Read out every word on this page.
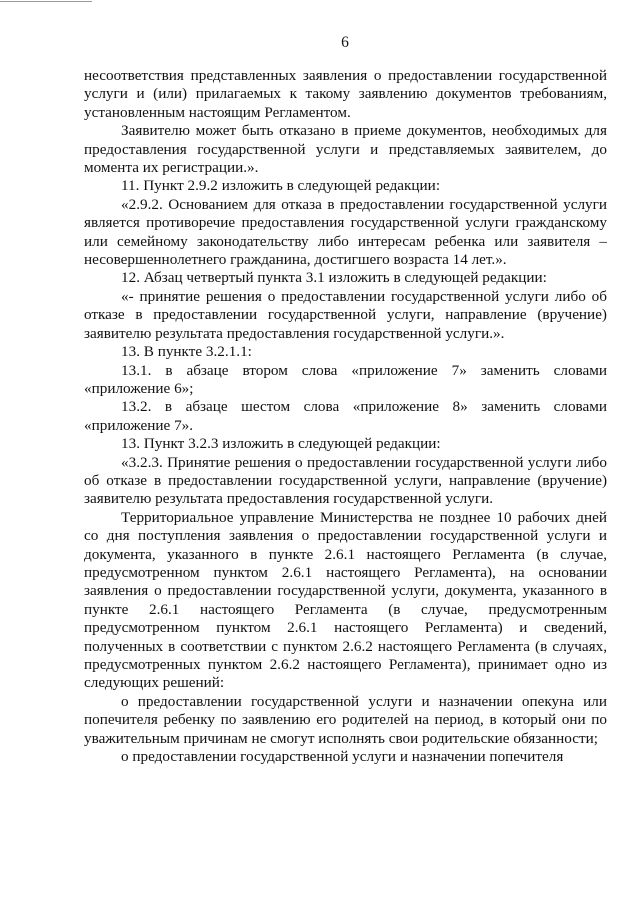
6

несоответствия представленных заявления о предоставлении государственной услуги и (или) прилагаемых к такому заявлению документов требованиям, установленным настоящим Регламентом.

Заявителю может быть отказано в приеме документов, необходимых для предоставления государственной услуги и представляемых заявителем, до момента их регистрации.».

11. Пункт 2.9.2 изложить в следующей редакции:

«2.9.2. Основанием для отказа в предоставлении государственной услуги является противоречие предоставления государственной услуги гражданскому или семейному законодательству либо интересам ребенка или заявителя – несовершеннолетнего гражданина, достигшего возраста 14 лет.».

12. Абзац четвертый пункта 3.1 изложить в следующей редакции:

«- принятие решения о предоставлении государственной услуги либо об отказе в предоставлении государственной услуги, направление (вручение) заявителю результата предоставления государственной услуги.».

13. В пункте 3.2.1.1:

13.1. в абзаце втором слова «приложение 7» заменить словами «приложение 6»;

13.2. в абзаце шестом слова «приложение 8» заменить словами «приложение 7».

13. Пункт 3.2.3 изложить в следующей редакции:

«3.2.3. Принятие решения о предоставлении государственной услуги либо об отказе в предоставлении государственной услуги, направление (вручение) заявителю результата предоставления государственной услуги.

Территориальное управление Министерства не позднее 10 рабочих дней со дня поступления заявления о предоставлении государственной услуги и документа, указанного в пункте 2.6.1 настоящего Регламента (в случае, предусмотренном пунктом 2.6.1 настоящего Регламента), на основании заявления о предоставлении государственной услуги, документа, указанного в пункте 2.6.1 настоящего Регламента (в случае, предусмотренным предусмотренном пунктом 2.6.1 настоящего Регламента) и сведений, полученных в соответствии с пунктом 2.6.2 настоящего Регламента (в случаях, предусмотренных пунктом 2.6.2 настоящего Регламента), принимает одно из следующих решений:

о предоставлении государственной услуги и назначении опекуна или попечителя ребенку по заявлению его родителей на период, в который они по уважительным причинам не смогут исполнять свои родительские обязанности;

о предоставлении государственной услуги и назначении попечителя
